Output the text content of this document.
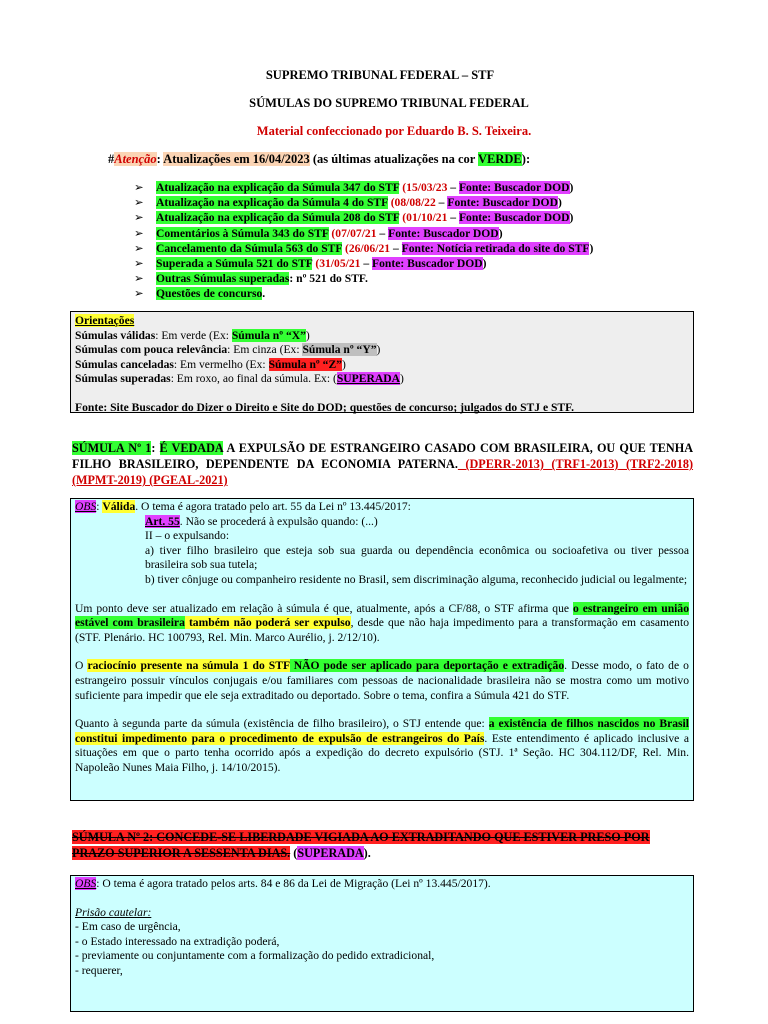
SUPREMO TRIBUNAL FEDERAL – STF
SÚMULAS DO SUPREMO TRIBUNAL FEDERAL
Material confeccionado por Eduardo B. S. Teixeira.
#Atenção: Atualizações em 16/04/2023 (as últimas atualizações na cor VERDE):
➢ Atualização na explicação da Súmula 347 do STF (15/03/23 – Fonte: Buscador DOD)
➢ Atualização na explicação da Súmula 4 do STF (08/08/22 – Fonte: Buscador DOD)
➢ Atualização na explicação da Súmula 208 do STF (01/10/21 – Fonte: Buscador DOD)
➢ Comentários à Súmula 343 do STF (07/07/21 – Fonte: Buscador DOD)
➢ Cancelamento da Súmula 563 do STF (26/06/21 – Fonte: Notícia retirada do site do STF)
➢ Superada a Súmula 521 do STF (31/05/21 – Fonte: Buscador DOD)
➢ Outras Súmulas superadas: nº 521 do STF.
➢ Questões de concurso.

Orientações

Súmulas válidas: Em verde (Ex: Súmula nº “X”)

Súmulas com pouca relevância: Em cinza (Ex: Súmula nº “Y”)

Súmulas canceladas: Em vermelho (Ex: Súmula nº “Z”)

Súmulas superadas: Em roxo, ao final da súmula. Ex: (SUPERADA)

Fonte: Site Buscador do Dizer o Direito e Site do DOD; questões de concurso; julgados do STJ e STF.

SÚMULA Nº 1: É VEDADA A EXPULSÃO DE ESTRANGEIRO CASADO COM BRASILEIRA, OU QUE TENHA FILHO BRASILEIRO, DEPENDENTE DA ECONOMIA PATERNA. (DPERR-2013) (TRF1-2013) (TRF2-2018) (MPMT-2019) (PGEAL-2021)

OBS: Válida. O tema é agora tratado pelo art. 55 da Lei nº 13.445/2017:

Art. 55. Não se procederá à expulsão quando: (...)

II – o expulsando:

a) tiver filho brasileiro que esteja sob sua guarda ou dependência econômica ou socioafetiva ou tiver pessoa brasileira sob sua tutela;

b) tiver cônjuge ou companheiro residente no Brasil, sem discriminação alguma, reconhecido judicial ou legalmente;

Um ponto deve ser atualizado em relação à súmula é que, atualmente, após a CF/88, o STF afirma que o estrangeiro em união estável com brasileira também não poderá ser expulso, desde que não haja impedimento para a transformação em casamento (STF. Plenário. HC 100793, Rel. Min. Marco Aurélio, j. 2/12/10).

O raciocínio presente na súmula 1 do STF NÃO pode ser aplicado para deportação e extradição. Desse modo, o fato de o estrangeiro possuir vínculos conjugais e/ou familiares com pessoas de nacionalidade brasileira não se mostra como um motivo suficiente para impedir que ele seja extraditado ou deportado. Sobre o tema, confira a Súmula 421 do STF.

Quanto à segunda parte da súmula (existência de filho brasileiro), o STJ entende que: a existência de filhos nascidos no Brasil constitui impedimento para o procedimento de expulsão de estrangeiros do País. Este entendimento é aplicado inclusive a situações em que o parto tenha ocorrido após a expedição do decreto expulsório (STJ. 1ª Seção. HC 304.112/DF, Rel. Min. Napoleão Nunes Maia Filho, j. 14/10/2015).

SÚMULA Nº 2: CONCEDE-SE LIBERDADE VIGIADA AO EXTRADITANDO QUE ESTIVER PRESO POR PRAZO SUPERIOR A SESSENTA DIAS. (SUPERADA).

OBS: O tema é agora tratado pelos arts. 84 e 86 da Lei de Migração (Lei nº 13.445/2017).

Prisão cautelar:

- Em caso de urgência,

- o Estado interessado na extradição poderá,

- previamente ou conjuntamente com a formalização do pedido extradicional,

- requerer,
